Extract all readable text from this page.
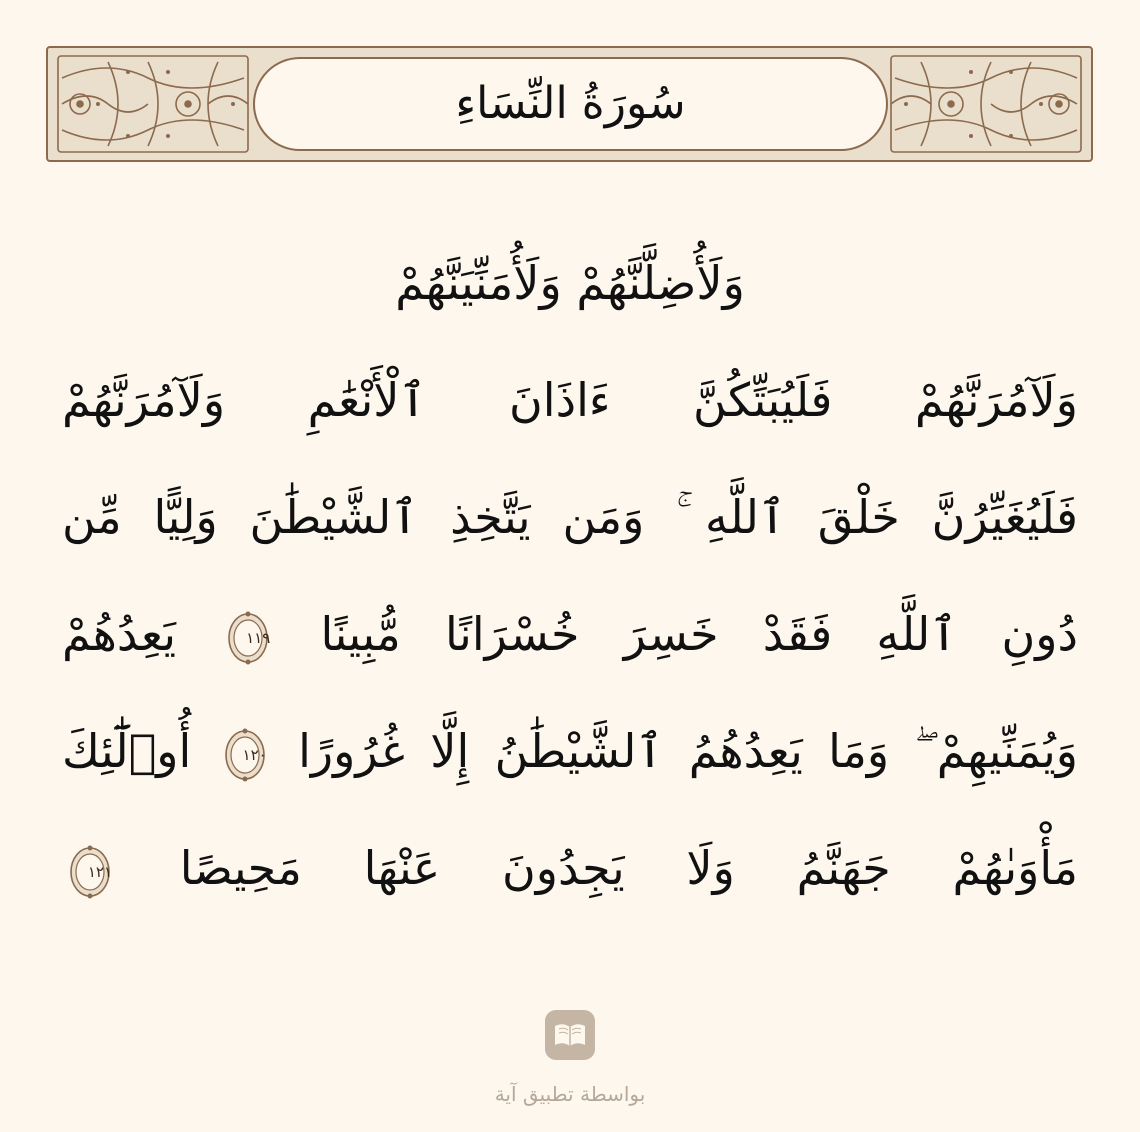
سُورَةُ النِّسَاءِ
وَلَأُضِلَّنَّهُمْ وَلَأُمَنِّيَنَّهُمْ
وَلَآمُرَنَّهُمْ فَلَيُبَتِّكُنَّ ءَاذَانَ ٱلْأَنْعَٰمِ وَلَآمُرَنَّهُمْ
فَلَيُغَيِّرُنَّ خَلْقَ ٱللَّهِ ۚ وَمَن يَتَّخِذِ ٱلشَّيْطَٰنَ وَلِيًّا مِّن
دُونِ ٱللَّهِ فَقَدْ خَسِرَ خُسْرَانًا مُّبِينًا
١١٩
يَعِدُهُمْ
وَيُمَنِّيهِمْ ۖ وَمَا يَعِدُهُمُ ٱلشَّيْطَٰنُ إِلَّا غُرُورًا
١٢٠
أُو۟لَٰٓئِكَ
مَأْوَىٰهُمْ جَهَنَّمُ وَلَا يَجِدُونَ عَنْهَا مَحِيصًا
١٢١
بواسطة تطبيق آية
